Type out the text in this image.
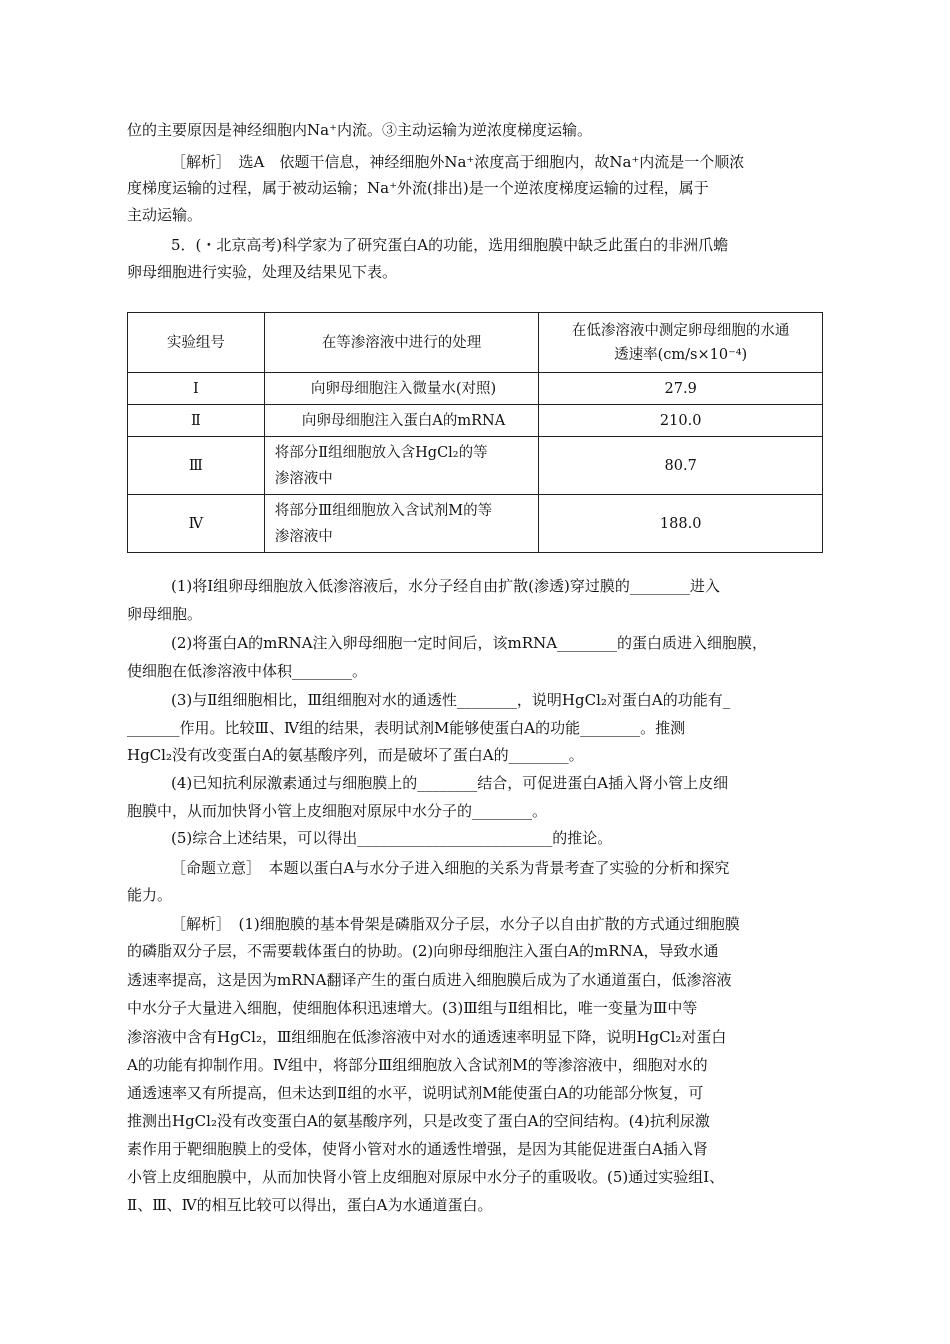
位的主要原因是神经细胞内Na⁺内流。③主动运输为逆浓度梯度运输。
［解析］　选A　依题干信息，神经细胞外Na⁺浓度高于细胞内，故Na⁺内流是一个顺浓
度梯度运输的过程，属于被动运输；Na⁺外流(排出)是一个逆浓度梯度运输的过程，属于
主动运输。
5．(・北京高考)科学家为了研究蛋白A的功能，选用细胞膜中缺乏此蛋白的非洲爪蟾
卵母细胞进行实验，处理及结果见下表。
实验组号	在等渗溶液中进行的处理	在低渗溶液中测定卵母细胞的水通
透速率(cm/s×10⁻⁴)

Ⅰ	向卵母细胞注入微量水(对照)	27.9
Ⅱ	向卵母细胞注入蛋白A的mRNA	210.0
Ⅲ	将部分Ⅱ组细胞放入含HgCl₂的等
渗溶液中	80.7
Ⅳ	将部分Ⅲ组细胞放入含试剂M的等
渗溶液中	188.0
(1)将Ⅰ组卵母细胞放入低渗溶液后，水分子经自由扩散(渗透)穿过膜的________进入
卵母细胞。
(2)将蛋白A的mRNA注入卵母细胞一定时间后，该mRNA________的蛋白质进入细胞膜，
使细胞在低渗溶液中体积________。
(3)与Ⅱ组细胞相比，Ⅲ组细胞对水的通透性________，说明HgCl₂对蛋白A的功能有_
_______作用。比较Ⅲ、Ⅳ组的结果，表明试剂M能够使蛋白A的功能________。推测
HgCl₂没有改变蛋白A的氨基酸序列，而是破坏了蛋白A的________。
(4)已知抗利尿激素通过与细胞膜上的________结合，可促进蛋白A插入肾小管上皮细
胞膜中，从而加快肾小管上皮细胞对原尿中水分子的________。
(5)综合上述结果，可以得出__________________________的推论。
［命题立意］　本题以蛋白A与水分子进入细胞的关系为背景考查了实验的分析和探究
能力。
［解析］　(1)细胞膜的基本骨架是磷脂双分子层，水分子以自由扩散的方式通过细胞膜
的磷脂双分子层，不需要载体蛋白的协助。(2)向卵母细胞注入蛋白A的mRNA，导致水通
透速率提高，这是因为mRNA翻译产生的蛋白质进入细胞膜后成为了水通道蛋白，低渗溶液
中水分子大量进入细胞，使细胞体积迅速增大。(3)Ⅲ组与Ⅱ组相比，唯一变量为Ⅲ中等
渗溶液中含有HgCl₂，Ⅲ组细胞在低渗溶液中对水的通透速率明显下降，说明HgCl₂对蛋白
A的功能有抑制作用。Ⅳ组中，将部分Ⅲ组细胞放入含试剂M的等渗溶液中，细胞对水的
通透速率又有所提高，但未达到Ⅱ组的水平，说明试剂M能使蛋白A的功能部分恢复，可
推测出HgCl₂没有改变蛋白A的氨基酸序列，只是改变了蛋白A的空间结构。(4)抗利尿激
素作用于靶细胞膜上的受体，使肾小管对水的通透性增强，是因为其能促进蛋白A插入肾
小管上皮细胞膜中，从而加快肾小管上皮细胞对原尿中水分子的重吸收。(5)通过实验组Ⅰ、
Ⅱ、Ⅲ、Ⅳ的相互比较可以得出，蛋白A为水通道蛋白。
